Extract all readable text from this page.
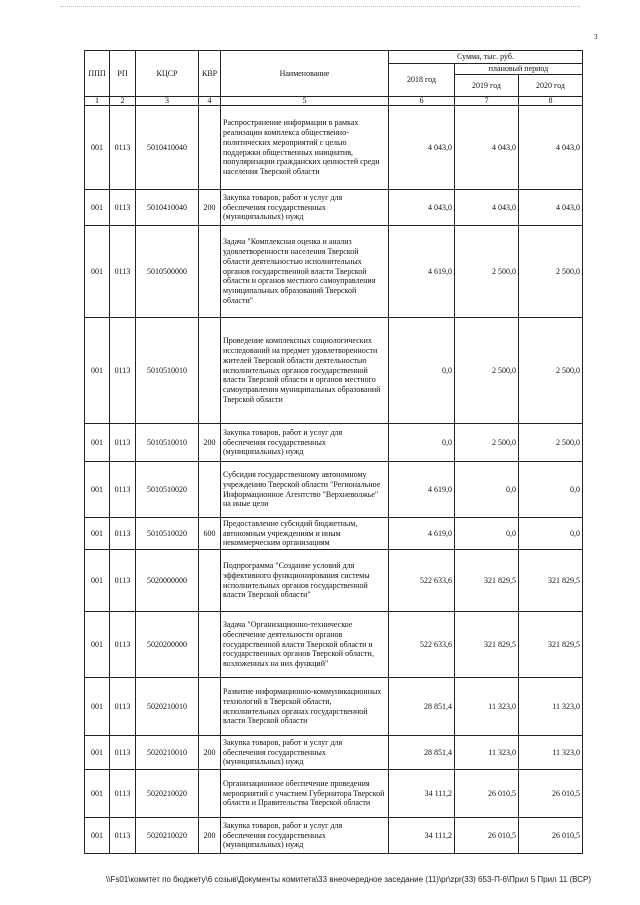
3
ППП	РП	КЦСР	КВР	Наименование	Сумма, тыс. руб.		
					2018 год	плановый период	
						2019 год	2020 год
1	2	3	4	5	6	7	8
001	0113	5010410040		Распространение информации в рамках реализации комплекса общественно-политических мероприятий с целью поддержки общественных инициатив, популяризации гражданских ценностей среди населения Тверской области	4 043,0	4 043,0	4 043,0
001	0113	5010410040	200	Закупка товаров, работ и услуг для обеспечения государственных (муниципальных) нужд	4 043,0	4 043,0	4 043,0
001	0113	5010500000		Задача "Комплексная оценка и анализ удовлетворенности населения Тверской области деятельностью исполнительных органов государственной власти Тверской области и органов местного самоуправления муниципальных образований Тверской области"	4 619,0	2 500,0	2 500,0
001	0113	5010510010		Проведение комплексных социологических исследований на предмет удовлетворенности жителей Тверской области деятельностью исполнительных органов государственной власти Тверской области и органов местного самоуправления муниципальных образований Тверской области	0,0	2 500,0	2 500,0
001	0113	5010510010	200	Закупка товаров, работ и услуг для обеспечения государственных (муниципальных) нужд	0,0	2 500,0	2 500,0
001	0113	5010510020		Субсидия государственному автономному учреждению Тверской области "Региональное Информационное Агентство "Верхневолжье" на иные цели	4 619,0	0,0	0,0
001	0113	5010510020	600	Предоставление субсидий бюджетным, автономным учреждениям и иным некоммерческим организациям	4 619,0	0,0	0,0
001	0113	5020000000		Подпрограмма "Создание условий для эффективного функционирования системы исполнительных органов государственной власти Тверской области"	522 633,6	321 829,5	321 829,5
001	0113	5020200000		Задача "Организационно-техническое обеспечение деятельности органов государственной власти Тверской области и государственных органов Тверской области, возложенных на них функций"	522 633,6	321 829,5	321 829,5
001	0113	5020210010		Развитие информационно-коммуникационных технологий в Тверской области, исполнительных органах государственной власти Тверской области	28 851,4	11 323,0	11 323,0
001	0113	5020210010	200	Закупка товаров, работ и услуг для обеспечения государственных (муниципальных) нужд	28 851,4	11 323,0	11 323,0
001	0113	5020210020		Организационное обеспечение проведения мероприятий с участием Губернатора Тверской области и Правительства Тверской области	34 111,2	26 010,5	26 010,5
001	0113	5020210020	200	Закупка товаров, работ и услуг для обеспечения государственных (муниципальных) нужд	34 111,2	26 010,5	26 010,5
\\Fs01\комитет по бюджету\6 созыв\Документы комитета\33 внеочередное заседание (11)\pr\zpr(33) 653-П-6\Прил 5 Прил 11 (ВСР)
